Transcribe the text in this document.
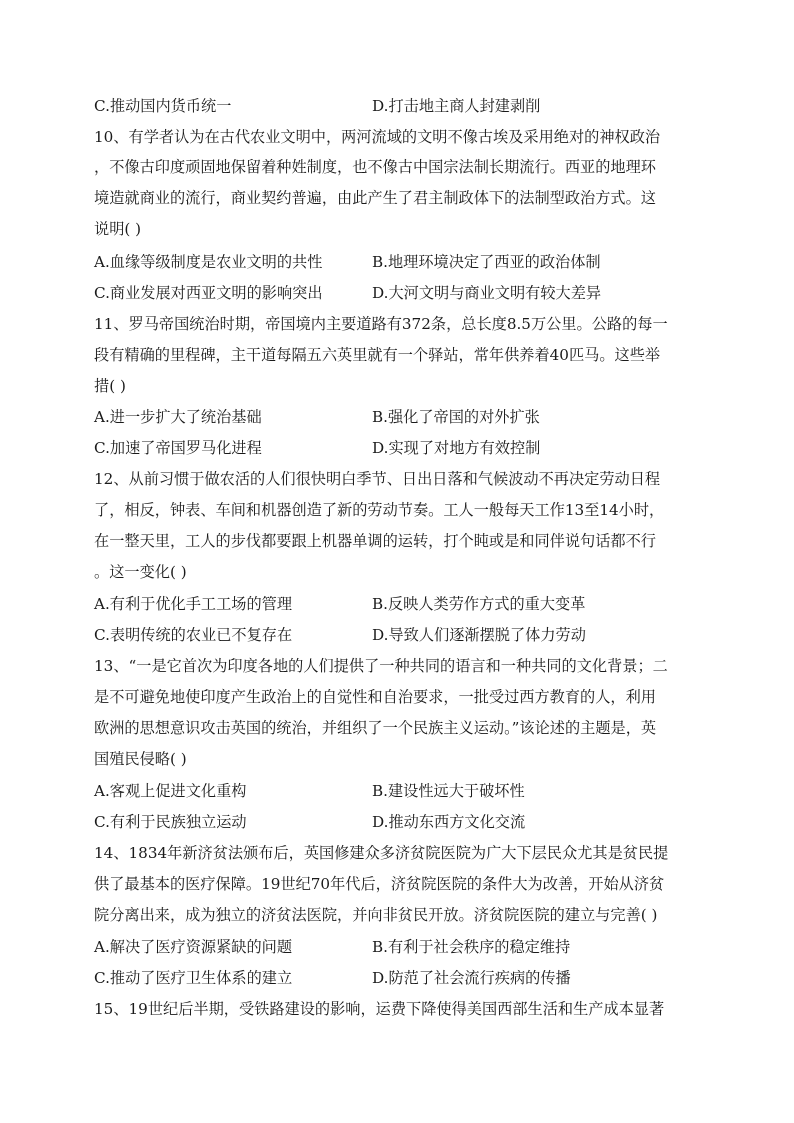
C.推动国内货币统一	D.打击地主商人封建剥削
10、有学者认为在古代农业文明中，两河流域的文明不像古埃及采用绝对的神权政治
，不像古印度顽固地保留着种姓制度，也不像古中国宗法制长期流行。西亚的地理环
境造就商业的流行，商业契约普遍，由此产生了君主制政体下的法制型政治方式。这
说明( )
A.血缘等级制度是农业文明的共性	B.地理环境决定了西亚的政治体制
C.商业发展对西亚文明的影响突出	D.大河文明与商业文明有较大差异
11、罗马帝国统治时期，帝国境内主要道路有372条，总长度8.5万公里。公路的每一
段有精确的里程碑，主干道每隔五六英里就有一个驿站，常年供养着40匹马。这些举
措( )
A.进一步扩大了统治基础	B.强化了帝国的对外扩张
C.加速了帝国罗马化进程	D.实现了对地方有效控制
12、从前习惯于做农活的人们很快明白季节、日出日落和气候波动不再决定劳动日程
了，相反，钟表、车间和机器创造了新的劳动节奏。工人一般每天工作13至14小时，
在一整天里，工人的步伐都要跟上机器单调的运转，打个盹或是和同伴说句话都不行
。这一变化( )
A.有利于优化手工工场的管理	B.反映人类劳作方式的重大变革
C.表明传统的农业已不复存在	D.导致人们逐渐摆脱了体力劳动
13、“一是它首次为印度各地的人们提供了一种共同的语言和一种共同的文化背景；二
是不可避免地使印度产生政治上的自觉性和自治要求，一批受过西方教育的人，利用
欧洲的思想意识攻击英国的统治，并组织了一个民族主义运动。”该论述的主题是，英
国殖民侵略( )
A.客观上促进文化重构	B.建设性远大于破坏性
C.有利于民族独立运动	D.推动东西方文化交流
14、1834年新济贫法颁布后，英国修建众多济贫院医院为广大下层民众尤其是贫民提
供了最基本的医疗保障。19世纪70年代后，济贫院医院的条件大为改善，开始从济贫
院分离出来，成为独立的济贫法医院，并向非贫民开放。济贫院医院的建立与完善( )
A.解决了医疗资源紧缺的问题	B.有利于社会秩序的稳定维持
C.推动了医疗卫生体系的建立	D.防范了社会流行疾病的传播
15、19世纪后半期，受铁路建设的影响，运费下降使得美国西部生活和生产成本显著
